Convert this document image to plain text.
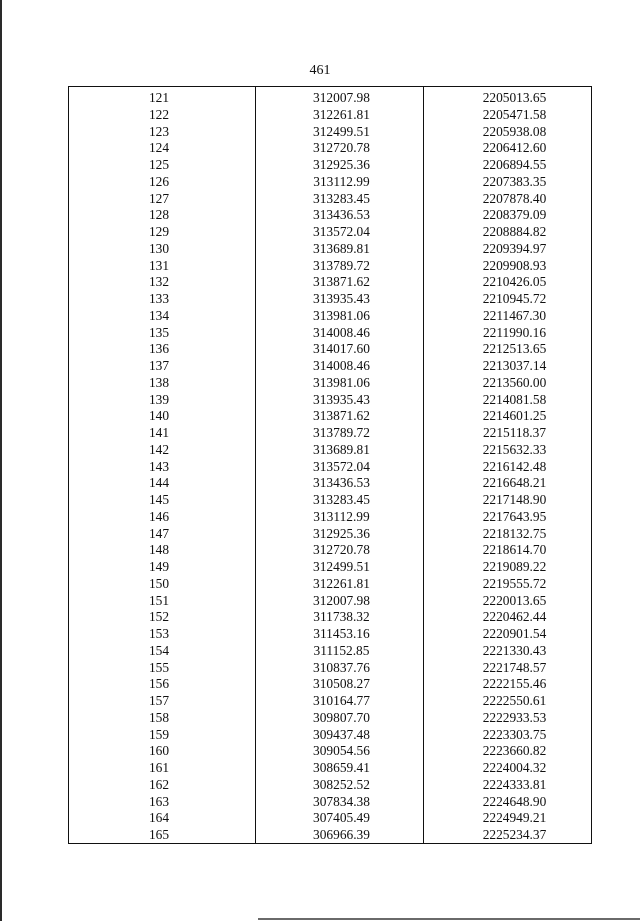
461
121	312007.98	2205013.65
122	312261.81	2205471.58
123	312499.51	2205938.08
124	312720.78	2206412.60
125	312925.36	2206894.55
126	313112.99	2207383.35
127	313283.45	2207878.40
128	313436.53	2208379.09
129	313572.04	2208884.82
130	313689.81	2209394.97
131	313789.72	2209908.93
132	313871.62	2210426.05
133	313935.43	2210945.72
134	313981.06	2211467.30
135	314008.46	2211990.16
136	314017.60	2212513.65
137	314008.46	2213037.14
138	313981.06	2213560.00
139	313935.43	2214081.58
140	313871.62	2214601.25
141	313789.72	2215118.37
142	313689.81	2215632.33
143	313572.04	2216142.48
144	313436.53	2216648.21
145	313283.45	2217148.90
146	313112.99	2217643.95
147	312925.36	2218132.75
148	312720.78	2218614.70
149	312499.51	2219089.22
150	312261.81	2219555.72
151	312007.98	2220013.65
152	311738.32	2220462.44
153	311453.16	2220901.54
154	311152.85	2221330.43
155	310837.76	2221748.57
156	310508.27	2222155.46
157	310164.77	2222550.61
158	309807.70	2222933.53
159	309437.48	2223303.75
160	309054.56	2223660.82
161	308659.41	2224004.32
162	308252.52	2224333.81
163	307834.38	2224648.90
164	307405.49	2224949.21
165	306966.39	2225234.37
